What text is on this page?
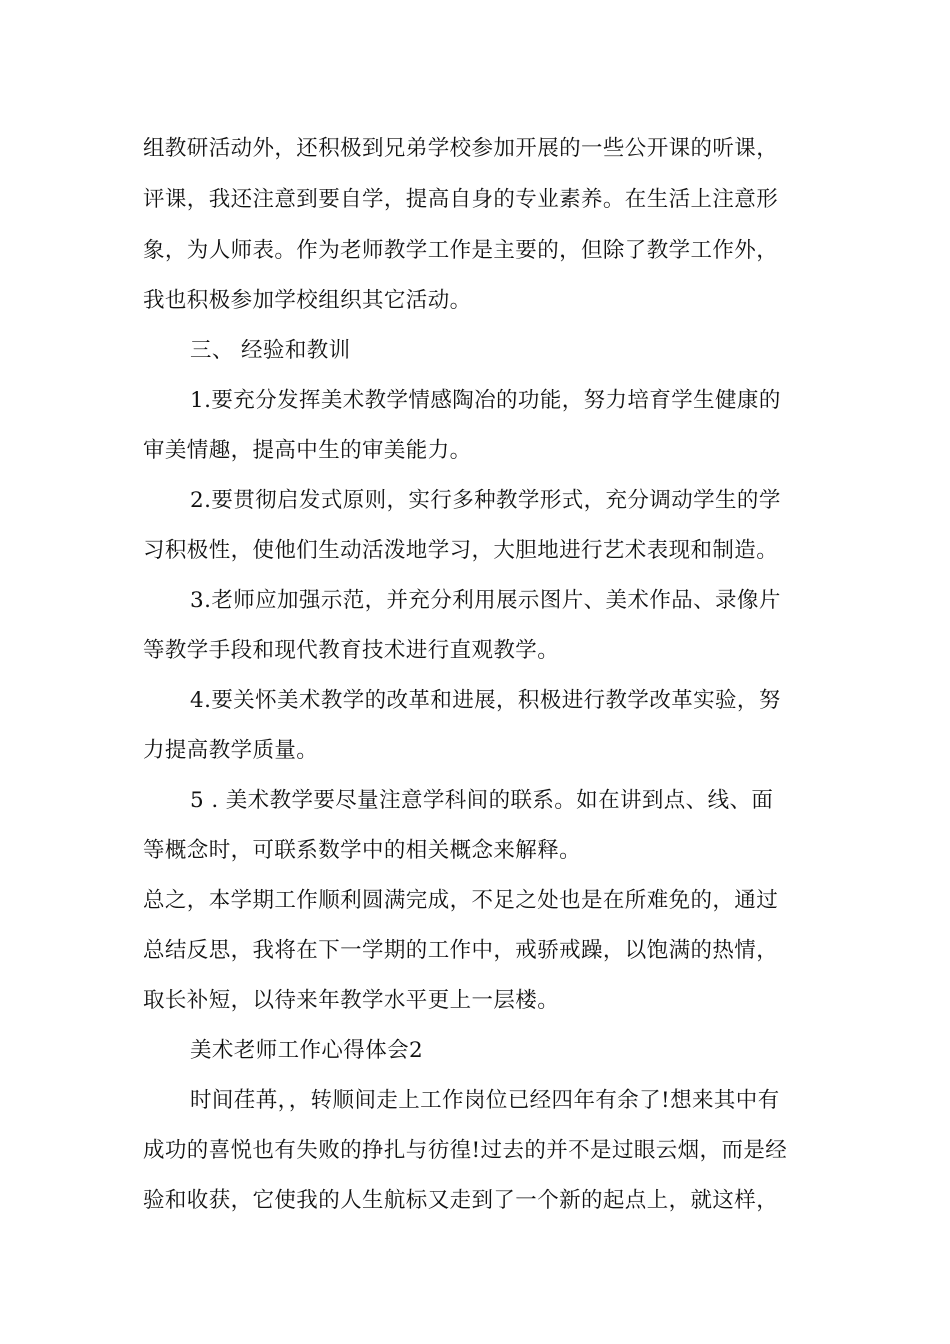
组教研活动外，还积极到兄弟学校参加开展的一些公开课的听课，
评课，我还注意到要自学，提高自身的专业素养。在生活上注意形
象，为人师表。作为老师教学工作是主要的，但除了教学工作外，
我也积极参加学校组织其它活动。
三、 经验和教训
1.要充分发挥美术教学情感陶冶的功能，努力培育学生健康的
审美情趣，提高中生的审美能力。
2.要贯彻启发式原则，实行多种教学形式，充分调动学生的学
习积极性，使他们生动活泼地学习，大胆地进行艺术表现和制造。
3.老师应加强示范，并充分利用展示图片、美术作品、录像片
等教学手段和现代教育技术进行直观教学。
4.要关怀美术教学的改革和进展，积极进行教学改革实验，努
力提高教学质量。
5 . 美术教学要尽量注意学科间的联系。如在讲到点、线、面
等概念时，可联系数学中的相关概念来解释。
总之，本学期工作顺利圆满完成，不足之处也是在所难免的，通过
总结反思，我将在下一学期的工作中，戒骄戒躁，以饱满的热情，
取长补短，以待来年教学水平更上一层楼。
美术老师工作心得体会2
时间荏苒，，转顺间走上工作岗位已经四年有余了!想来其中有
成功的喜悦也有失败的挣扎与彷徨!过去的并不是过眼云烟，而是经
验和收获，它使我的人生航标又走到了一个新的起点上，就这样，
